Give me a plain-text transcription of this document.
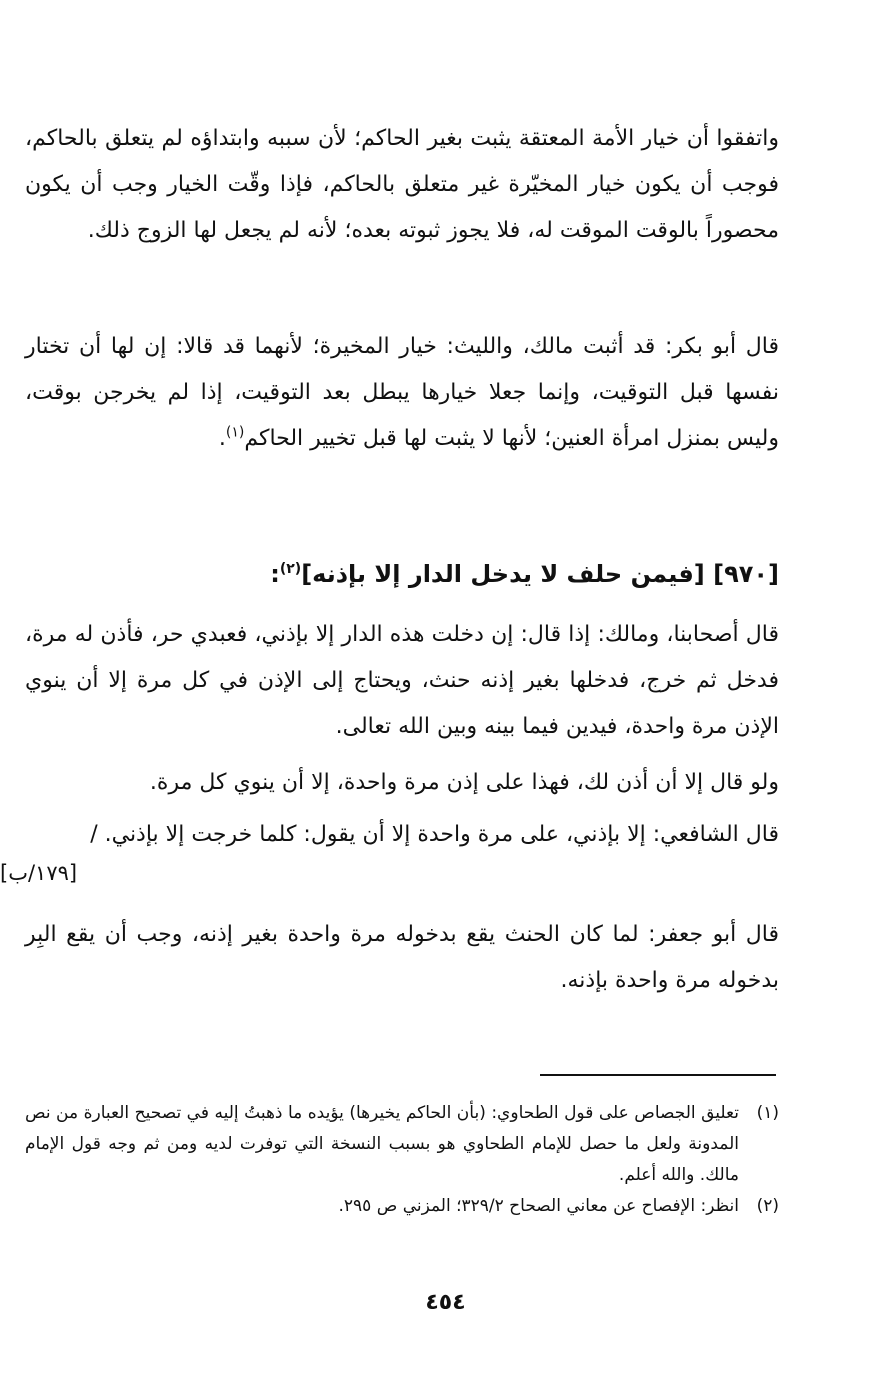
واتفقوا أن خيار الأمة المعتقة يثبت بغير الحاكم؛ لأن سببه وابتداؤه لم يتعلق بالحاكم، فوجب أن يكون خيار المخيّرة غير متعلق بالحاكم، فإذا وقّت الخيار وجب أن يكون محصوراً بالوقت الموقت له، فلا يجوز ثبوته بعده؛ لأنه لم يجعل لها الزوج ذلك.
قال أبو بكر: قد أثبت مالك، والليث: خيار المخيرة؛ لأنهما قد قالا: إن لها أن تختار نفسها قبل التوقيت، وإنما جعلا خيارها يبطل بعد التوقيت، إذا لم يخرجن بوقت، وليس بمنزل امرأة العنين؛ لأنها لا يثبت لها قبل تخيير الحاكم$^{(١)}$.
[٩٧٠] [فيمن حلف لا يدخل الدار إلا بإذنه]$^{(٢)}$:
قال أصحابنا، ومالك: إذا قال: إن دخلت هذه الدار إلا بإذني، فعبدي حر، فأذن له مرة، فدخل ثم خرج، فدخلها بغير إذنه حنث، ويحتاج إلى الإذن في كل مرة إلا أن ينوي الإذن مرة واحدة، فيدين فيما بينه وبين الله تعالى.
ولو قال إلا أن أذن لك، فهذا على إذن مرة واحدة، إلا أن ينوي كل مرة.
قال الشافعي: إلا بإذني، على مرة واحدة إلا أن يقول: كلما خرجت إلا بإذني. /
[١٧٩/ب]
قال أبو جعفر: لما كان الحنث يقع بدخوله مرة واحدة بغير إذنه، وجب أن يقع البِر بدخوله مرة واحدة بإذنه.
(١)
تعليق الجصاص على قول الطحاوي: (بأن الحاكم يخيرها) يؤيده ما ذهبتُ إليه في تصحيح العبارة من نص المدونة ولعل ما حصل للإمام الطحاوي هو بسبب النسخة التي توفرت لديه ومن ثم وجه قول الإمام مالك. والله أعلم.
(٢)
انظر: الإفصاح عن معاني الصحاح ٣٢٩/٢؛ المزني ص ٢٩٥.
٤٥٤
